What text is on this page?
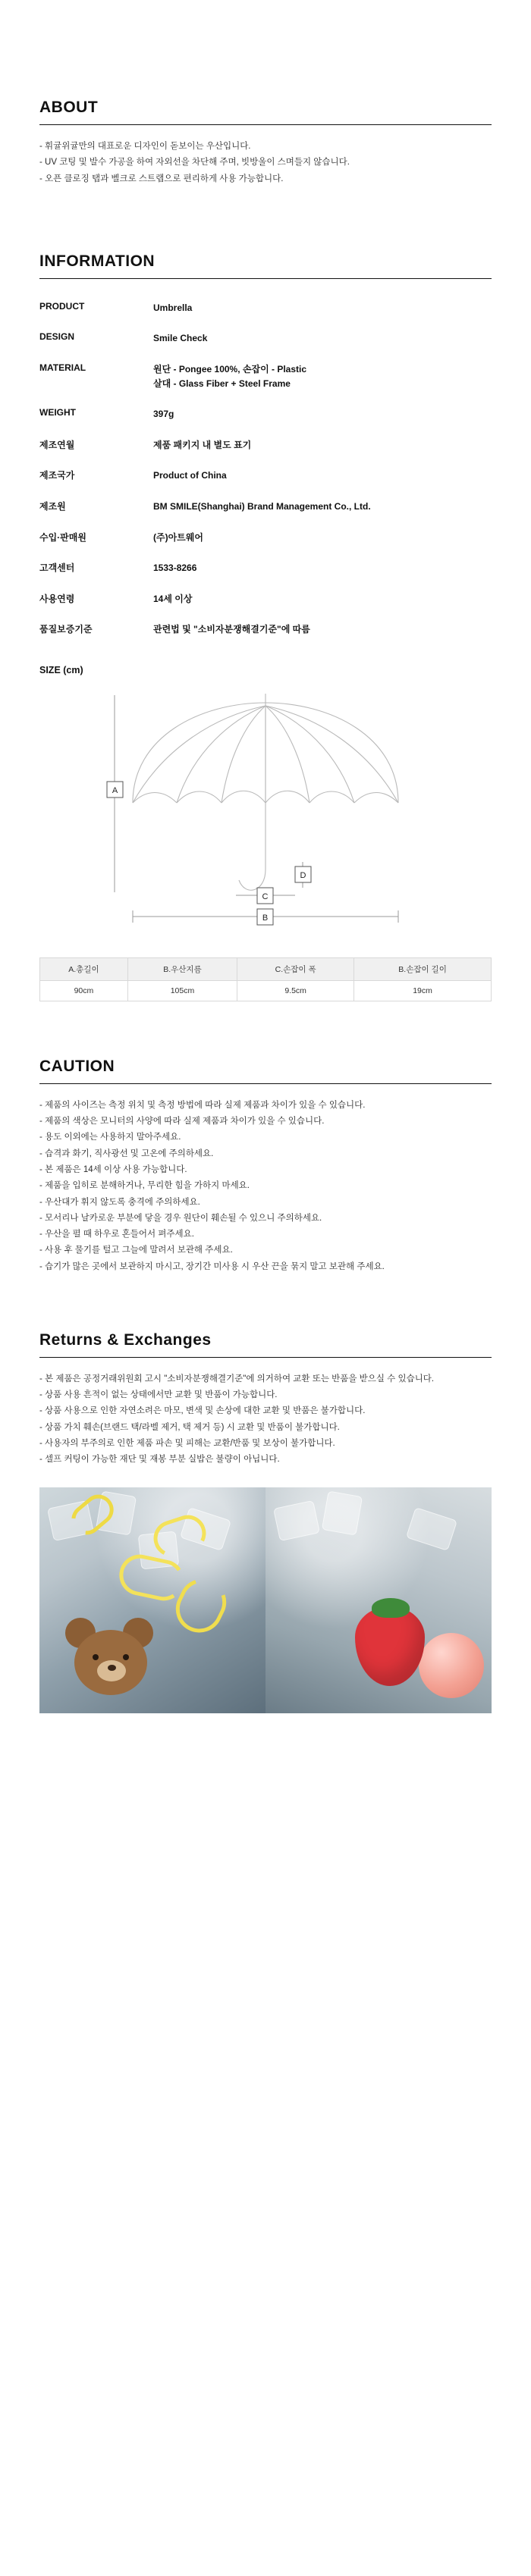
ABOUT
- 휘귤위귤만의 대표로운 디자인이 돋보이는 우산입니다.
- UV 코팅 및 발수 가공을 하여 자외선을 차단해 주며, 빗방울이 스며들지 않습니다.
- 오픈 클로징 탭과 벨크로 스트랩으로 편리하게 사용 가능합니다.
INFORMATION
PRODUCT	Umbrella
DESIGN	Smile Check
MATERIAL	원단 - Pongee 100%, 손잡이 - Plastic
살대 - Glass Fiber + Steel Frame

WEIGHT	397g
제조연월	제품 패키지 내 별도 표기
제조국가	Product of China
제조원	BM SMILE(Shanghai) Brand Management Co., Ltd.
수입·판매원	(주)아트웨어
고객센터	1533-8266
사용연령	14세 이상
품질보증기준	관련법 및 "소비자분쟁해결기준"에 따름
SIZE (cm)
A
B
C
D
A.총길이	B.우산지름	C.손잡이 폭	B.손잡이 길이
90cm	105cm	9.5cm	19cm
CAUTION
- 제품의 사이즈는 측정 위치 및 측정 방법에 따라 실제 제품과 차이가 있을 수 있습니다.
- 제품의 색상은 모니터의 사양에 따라 실제 제품과 차이가 있을 수 있습니다.
- 용도 이외에는 사용하지 말아주세요.
- 습격과 화기, 직사광선 및 고온에 주의하세요.
- 본 제품은 14세 이상 사용 가능합니다.
- 제품을 입히로 분해하거나, 무리한 힘을 가하지 마세요.
- 우산대가 휘지 않도록 충격에 주의하세요.
- 모서리나 날카로운 부분에 닿을 경우 원단이 훼손될 수 있으니 주의하세요.
- 우산을 펼 때 하우로 혼들어서 펴주세요.
- 사용 후 물기를 털고 그늘에 말려서 보관해 주세요.
- 습기가 많은 곳에서 보관하지 마시고, 장기간 미사용 시 우산 끈을 묶지 말고 보관해 주세요.
Returns & Exchanges
- 본 제품은 공정거래위원회 고시 "소비자분쟁해결기준"에 의거하여 교환 또는 반품을 받으실 수 있습니다.
- 상품 사용 흔적이 없는 상태에서만 교환 및 반품이 가능합니다.
- 상품 사용으로 인한 자연소려은 마모, 변색 및 손상에 대한 교환 및 반품은 불가합니다.
- 상품 가치 훼손(브랜드 택/라벨 제거, 택 제거 등) 시 교환 및 반품이 불가합니다.
- 사용자의 부주의로 인한 제품 파손 및 피해는 교환/반품 및 보상이 불가합니다.
- 셀프 커팅이 가능한 재단 및 재봉 부분 실밥은 불량이 아닙니다.
